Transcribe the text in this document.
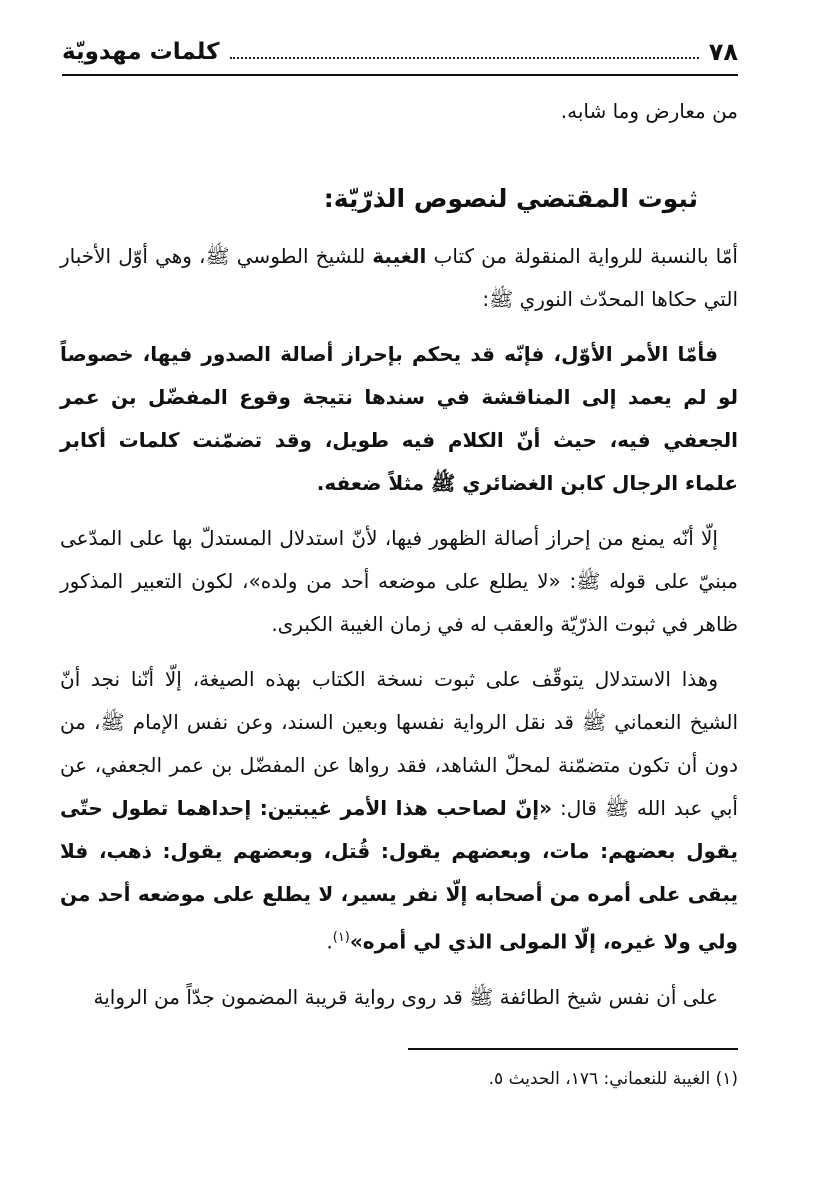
كلمات مهدويّة	٧٨

من معارض وما شابه.

ثبوت المقتضي لنصوص الذرّيّة:

أمّا بالنسبة للرواية المنقولة من كتاب الغيبة للشيخ الطوسي ﷺ، وهي أوّل الأخبار التي حكاها المحدّث النوري ﷺ:

فأمّا الأمر الأوّل، فإنّه قد يحكم بإحراز أصالة الصدور فيها، خصوصاً لو لم يعمد إلى المناقشة في سندها نتيجة وقوع المفضّل بن عمر الجعفي فيه، حيث أنّ الكلام فيه طويل، وقد تضمّنت كلمات أكابر علماء الرجال كابن الغضائري ﷺ مثلاً ضعفه.

إلّا أنّه يمنع من إحراز أصالة الظهور فيها، لأنّ استدلال المستدلّ بها على المدّعى مبنيّ على قوله ﷺ: «لا يطلع على موضعه أحد من ولده»، لكون التعبير المذكور ظاهر في ثبوت الذرّيّة والعقب له في زمان الغيبة الكبرى.

وهذا الاستدلال يتوقّف على ثبوت نسخة الكتاب بهذه الصيغة، إلّا أنّنا نجد أنّ الشيخ النعماني ﷺ قد نقل الرواية نفسها وبعين السند، وعن نفس الإمام ﷺ، من دون أن تكون متضمّنة لمحلّ الشاهد، فقد رواها عن المفضّل بن عمر الجعفي، عن أبي عبد الله ﷺ قال: «إنّ لصاحب هذا الأمر غيبتين: إحداهما تطول حتّى يقول بعضهم: مات، وبعضهم يقول: قُتل، وبعضهم يقول: ذهب، فلا يبقى على أمره من أصحابه إلّا نفر يسير، لا يطلع على موضعه أحد من ولي ولا غيره، إلّا المولى الذي لي أمره»$^{(١)}$.

على أن نفس شيخ الطائفة ﷺ قد روى رواية قريبة المضمون جدّاً من الرواية

(١) الغيبة للنعماني: ١٧٦، الحديث ٥.
